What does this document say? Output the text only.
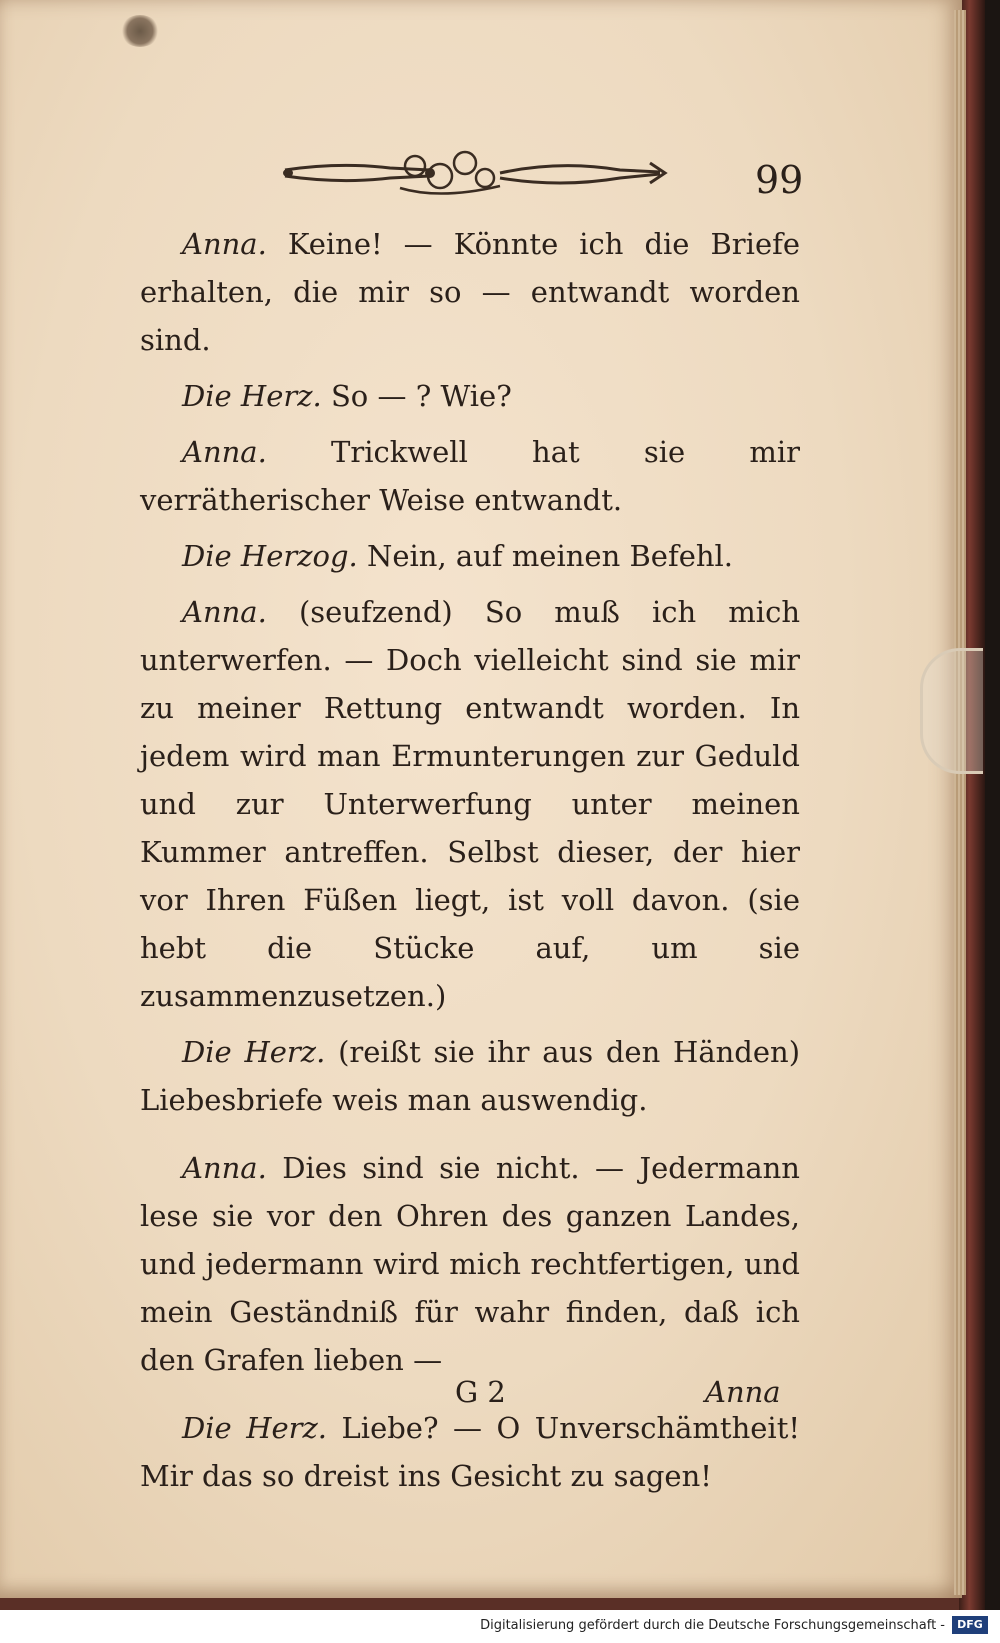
99

Anna. Keine! — Könnte ich die Briefe erhalten, die mir so — entwandt worden sind.

Die Herz. So — ? Wie?

Anna. Trickwell hat sie mir verrätherischer Weise entwandt.

Die Herzog. Nein, auf meinen Befehl.

Anna. (seufzend) So muß ich mich unterwerfen. — Doch vielleicht sind sie mir zu meiner Rettung entwandt worden. In jedem wird man Ermunterungen zur Geduld und zur Unterwerfung unter meinen Kummer antreffen. Selbst dieser, der hier vor Ihren Füßen liegt, ist voll davon. (sie hebt die Stücke auf, um sie zusammenzusetzen.)

Die Herz. (reißt sie ihr aus den Händen) Liebesbriefe weis man auswendig.

Anna. Dies sind sie nicht. — Jedermann lese sie vor den Ohren des ganzen Landes, und jedermann wird mich rechtfertigen, und mein Geständniß für wahr finden, daß ich den Grafen lieben —

Die Herz. Liebe? — O Unverschämtheit! Mir das so dreist ins Gesicht zu sagen!

G 2	Anna
Digitalisierung gefördert durch die Deutsche Forschungsgemeinschaft -	DFG
